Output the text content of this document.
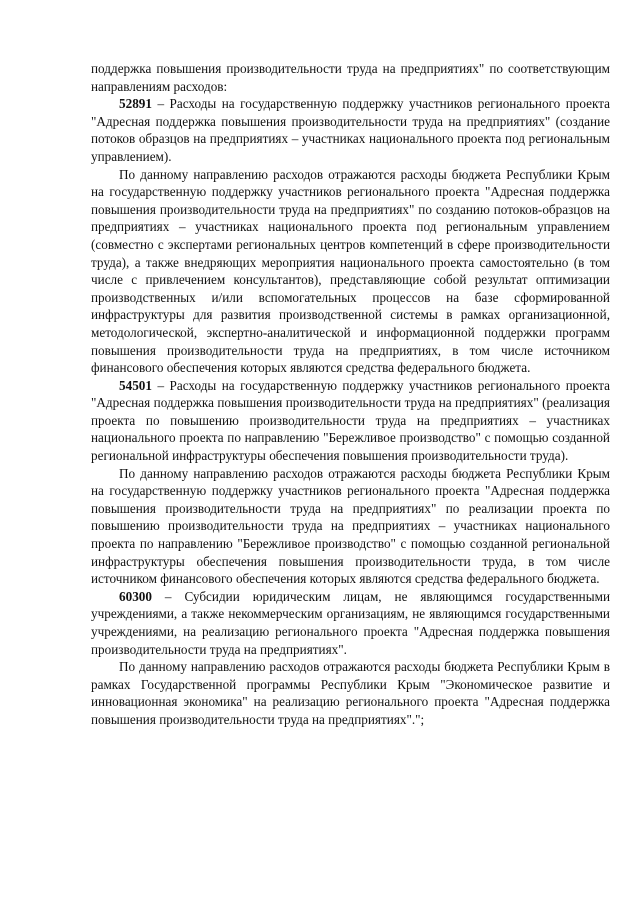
поддержка повышения производительности труда на предприятиях" по соответствующим направлениям расходов:

52891 – Расходы на государственную поддержку участников регионального проекта "Адресная поддержка повышения производительности труда на предприятиях" (создание потоков образцов на предприятиях – участниках национального проекта под региональным управлением).

По данному направлению расходов отражаются расходы бюджета Республики Крым на государственную поддержку участников регионального проекта "Адресная поддержка повышения производительности труда на предприятиях" по созданию потоков-образцов на предприятиях – участниках национального проекта под региональным управлением (совместно с экспертами региональных центров компетенций в сфере производительности труда), а также внедряющих мероприятия национального проекта самостоятельно (в том числе с привлечением консультантов), представляющие собой результат оптимизации производственных и/или вспомогательных процессов на базе сформированной инфраструктуры для развития производственной системы в рамках организационной, методологической, экспертно-аналитической и информационной поддержки программ повышения производительности труда на предприятиях, в том числе источником финансового обеспечения которых являются средства федерального бюджета.

54501 – Расходы на государственную поддержку участников регионального проекта "Адресная поддержка повышения производительности труда на предприятиях" (реализация проекта по повышению производительности труда на предприятиях – участниках национального проекта по направлению "Бережливое производство" с помощью созданной региональной инфраструктуры обеспечения повышения производительности труда).

По данному направлению расходов отражаются расходы бюджета Республики Крым на государственную поддержку участников регионального проекта "Адресная поддержка повышения производительности труда на предприятиях" по реализации проекта по повышению производительности труда на предприятиях – участниках национального проекта по направлению "Бережливое производство" с помощью созданной региональной инфраструктуры обеспечения повышения производительности труда, в том числе источником финансового обеспечения которых являются средства федерального бюджета.

60300 – Субсидии юридическим лицам, не являющимся государственными учреждениями, а также некоммерческим организациям, не являющимся государственными учреждениями, на реализацию регионального проекта "Адресная поддержка повышения производительности труда на предприятиях".

По данному направлению расходов отражаются расходы бюджета Республики Крым в рамках Государственной программы Республики Крым "Экономическое развитие и инновационная экономика" на реализацию регионального проекта "Адресная поддержка повышения производительности труда на предприятиях".";
